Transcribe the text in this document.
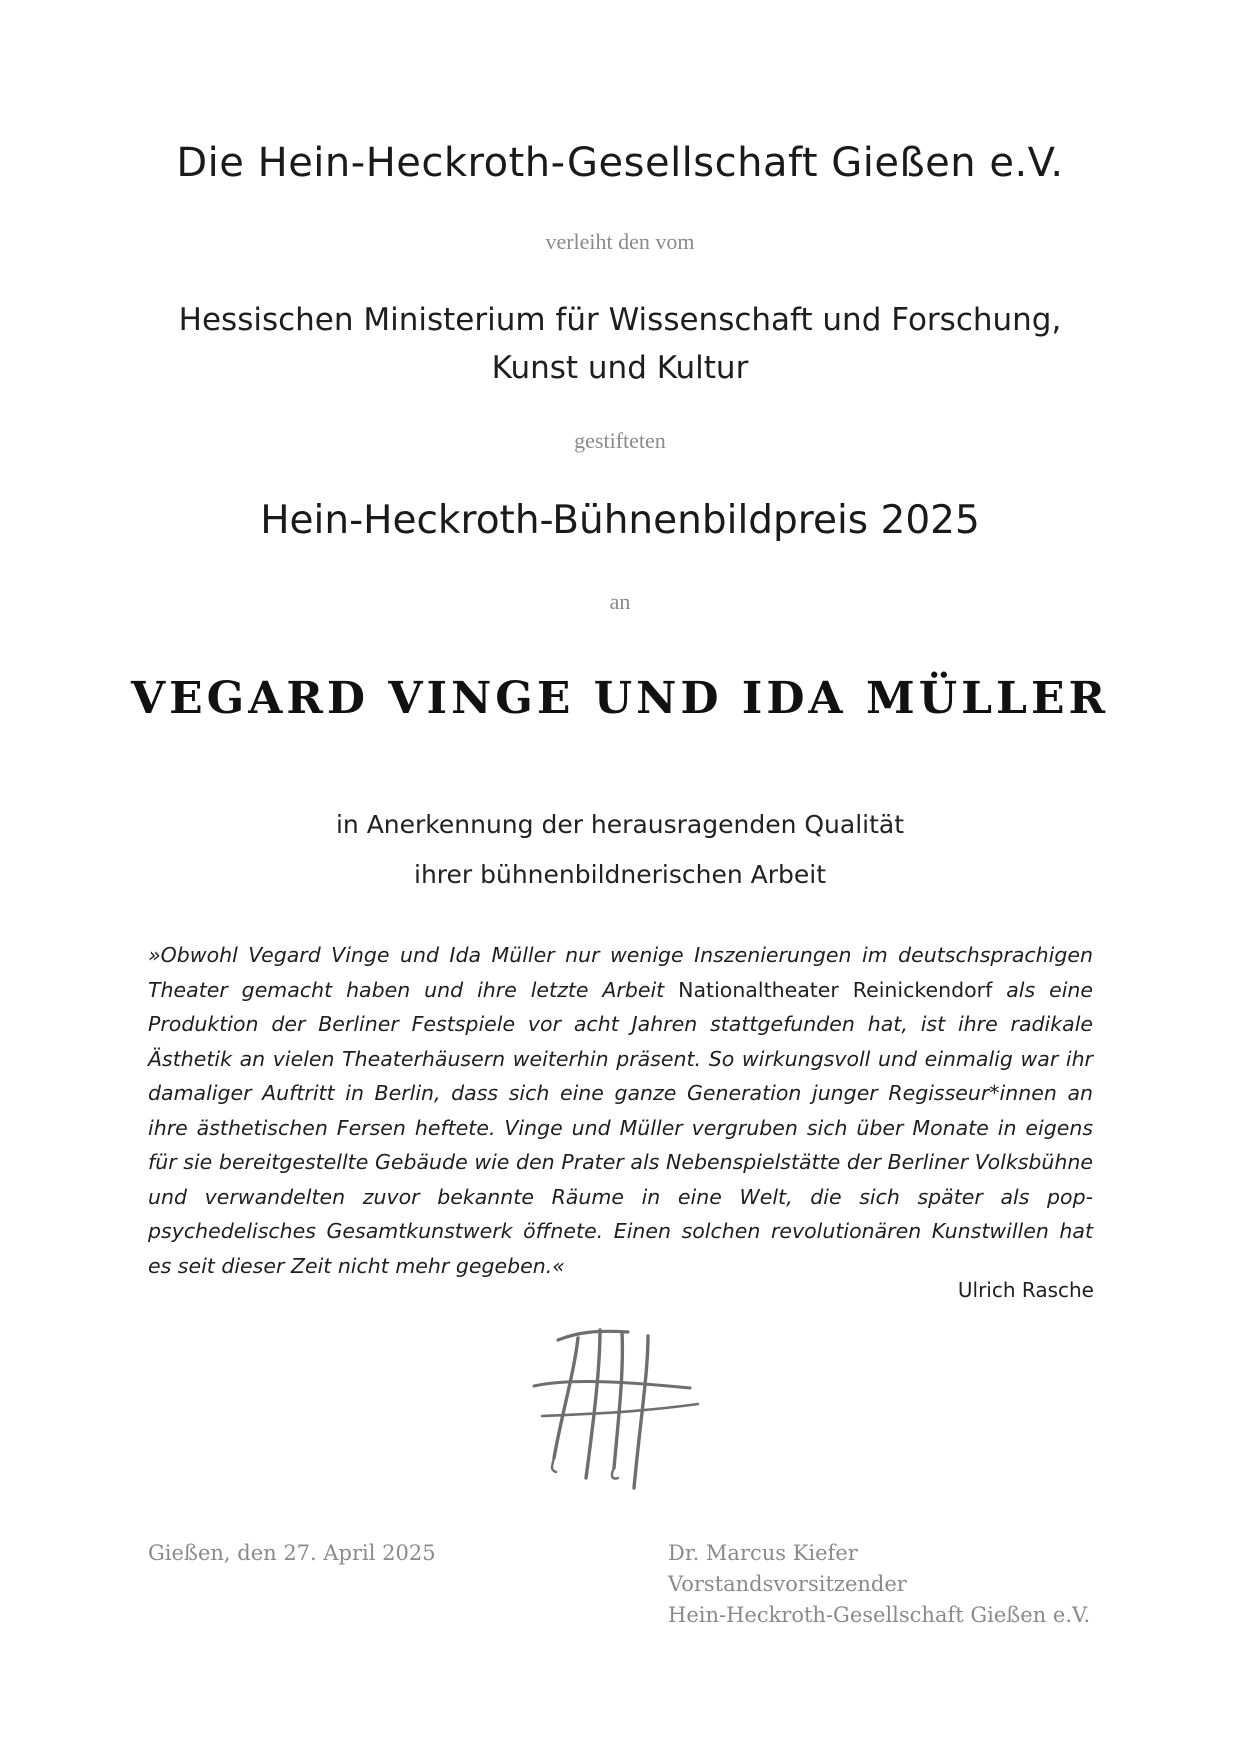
Die Hein-Heckroth-Gesellschaft Gießen e.V.
verleiht den vom
Hessischen Ministerium für Wissenschaft und Forschung,
Kunst und Kultur
gestifteten
Hein-Heckroth-Bühnenbildpreis 2025
an
VEGARD VINGE UND IDA MÜLLER
in Anerkennung der herausragenden Qualität
ihrer bühnenbildnerischen Arbeit

»Obwohl Vegard Vinge und Ida Müller nur wenige Inszenierungen im deutschsprachigen Theater gemacht haben und ihre letzte Arbeit Nationaltheater Reinickendorf als eine Produktion der Berliner Festspiele vor acht Jahren stattgefunden hat, ist ihre radikale Ästhetik an vielen Theaterhäusern weiterhin präsent. So wirkungsvoll und einmalig war ihr damaliger Auftritt in Berlin, dass sich eine ganze Generation junger Regisseur*innen an ihre ästhetischen Fersen heftete. Vinge und Müller vergruben sich über Monate in eigens für sie bereitgestellte Gebäude wie den Prater als Nebenspielstätte der Berliner Volksbühne und verwandelten zuvor bekannte Räume in eine Welt, die sich später als pop-psychedelisches Gesamtkunstwerk öffnete. Einen solchen revolutionären Kunstwillen hat es seit dieser Zeit nicht mehr gegeben.«

Ulrich Rasche
Gießen, den 27. April 2025	Dr. Marcus Kiefer
Vorstandsvorsitzender
Hein-Heckroth-Gesellschaft Gießen e.V.
